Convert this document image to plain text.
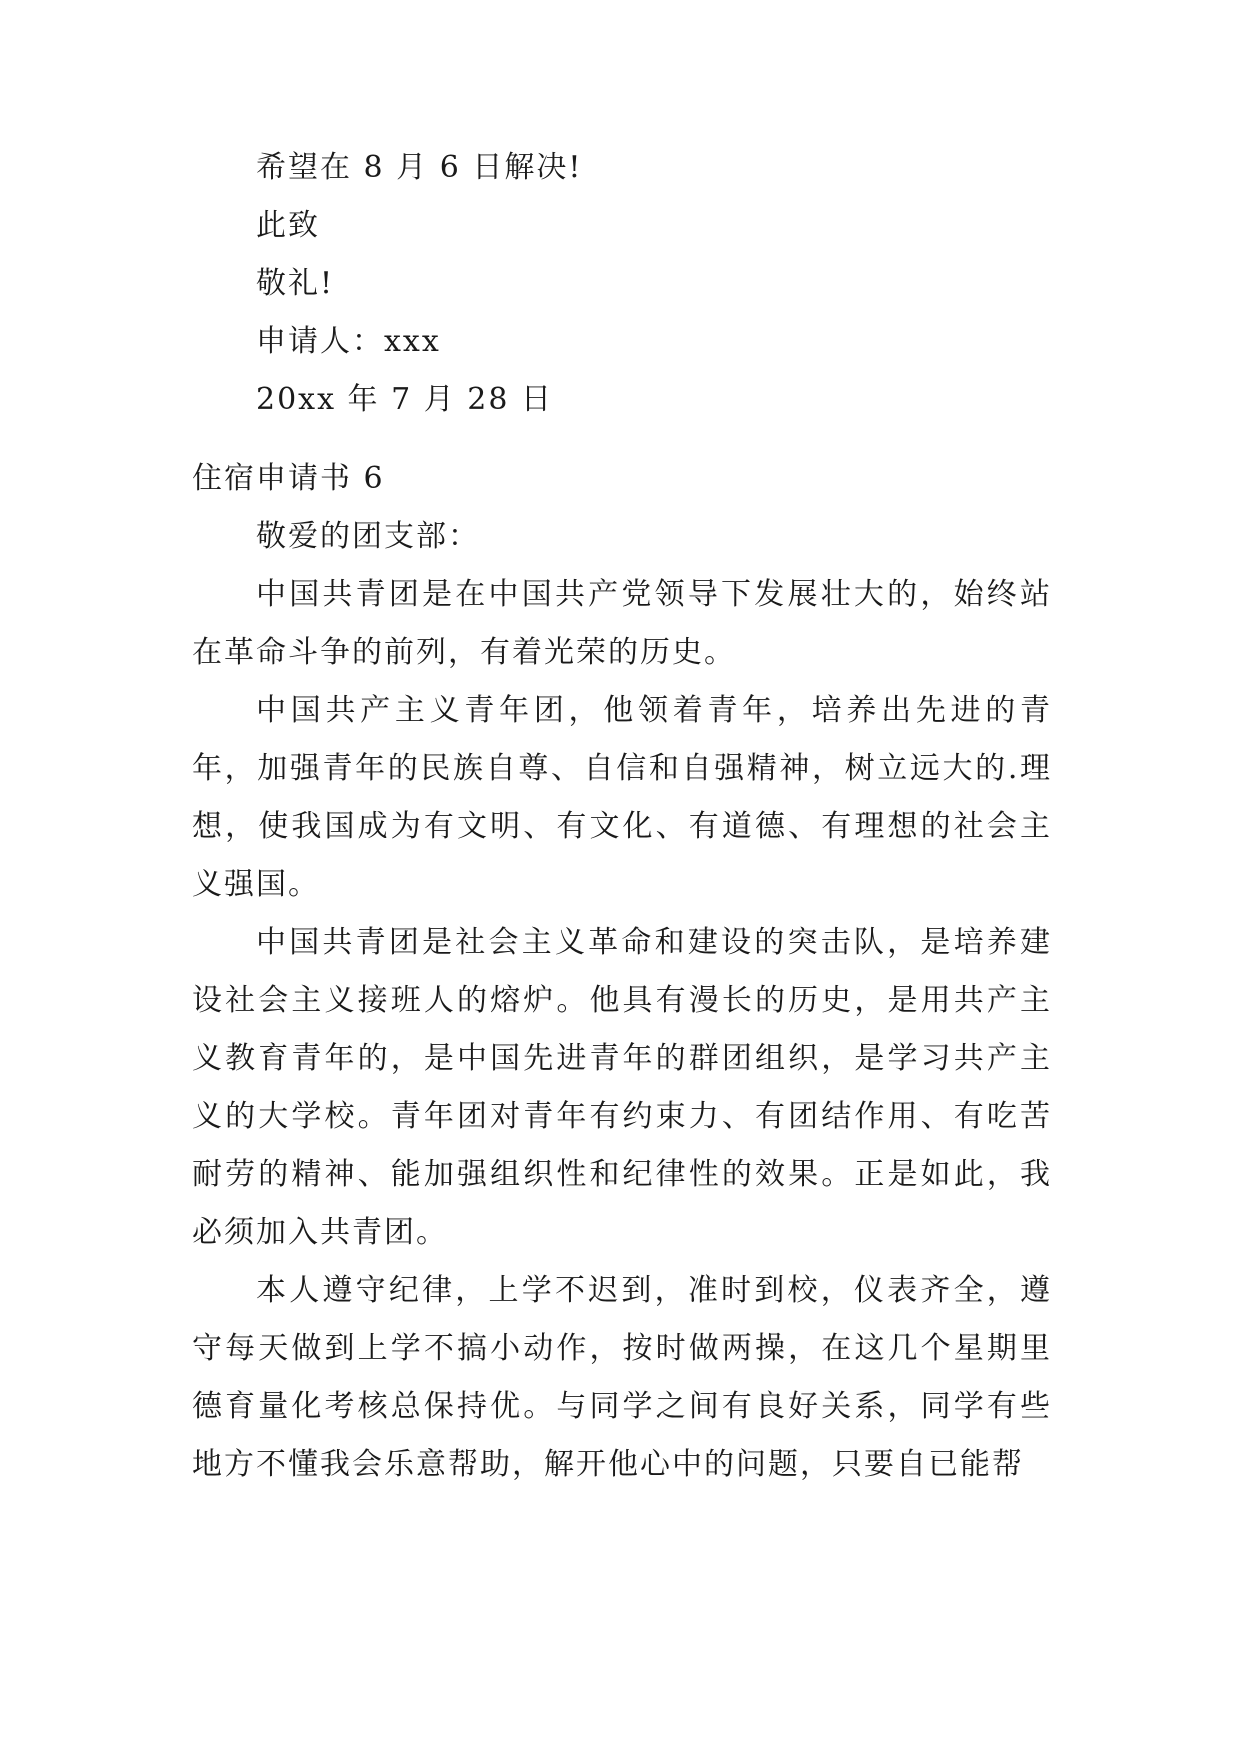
希望在 8 月 6 日解决!

此致

敬礼!

申请人：xxx

20xx 年 7 月 28 日

住宿申请书 6

敬爱的团支部：

中国共青团是在中国共产党领导下发展壮大的，始终站在革命斗争的前列，有着光荣的历史。

中国共产主义青年团，他领着青年，培养出先进的青年，加强青年的民族自尊、自信和自强精神，树立远大的.理想，使我国成为有文明、有文化、有道德、有理想的社会主义强国。

中国共青团是社会主义革命和建设的突击队，是培养建设社会主义接班人的熔炉。他具有漫长的历史，是用共产主义教育青年的，是中国先进青年的群团组织，是学习共产主义的大学校。青年团对青年有约束力、有团结作用、有吃苦耐劳的精神、能加强组织性和纪律性的效果。正是如此，我必须加入共青团。

本人遵守纪律，上学不迟到，准时到校，仪表齐全，遵守每天做到上学不搞小动作，按时做两操，在这几个星期里德育量化考核总保持优。与同学之间有良好关系，同学有些地方不懂我会乐意帮助，解开他心中的问题，只要自已能帮
